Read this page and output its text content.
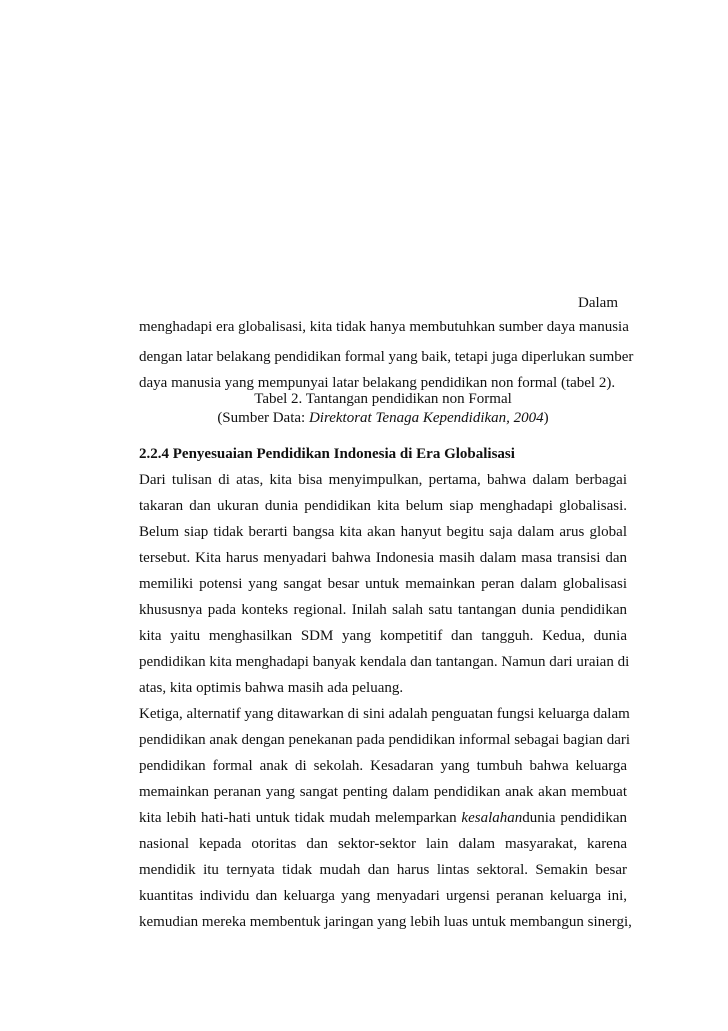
Dalam
menghadapi era globalisasi, kita tidak hanya membutuhkan sumber daya manusia
dengan latar belakang pendidikan formal yang baik, tetapi juga diperlukan sumber
daya manusia yang mempunyai latar belakang pendidikan non formal (tabel 2).
Tabel 2. Tantangan pendidikan non Formal
(Sumber Data: Direktorat Tenaga Kependidikan, 2004)
2.2.4 Penyesuaian Pendidikan Indonesia di Era Globalisasi
Dari tulisan di atas, kita bisa menyimpulkan, pertama, bahwa dalam berbagai
takaran dan ukuran dunia pendidikan kita belum siap menghadapi globalisasi.
Belum siap tidak berarti bangsa kita akan hanyut begitu saja dalam arus global
tersebut. Kita harus menyadari bahwa Indonesia masih dalam masa transisi dan
memiliki potensi yang sangat besar untuk memainkan peran dalam globalisasi
khususnya pada konteks regional. Inilah salah satu tantangan dunia pendidikan
kita yaitu menghasilkan SDM yang kompetitif dan tangguh. Kedua, dunia
pendidikan kita menghadapi banyak kendala dan tantangan. Namun dari uraian di
atas, kita optimis bahwa masih ada peluang.
Ketiga, alternatif yang ditawarkan di sini adalah penguatan fungsi keluarga dalam
pendidikan anak dengan penekanan pada pendidikan informal sebagai bagian dari
pendidikan formal anak di sekolah. Kesadaran yang tumbuh bahwa keluarga
memainkan peranan yang sangat penting dalam pendidikan anak akan membuat
kita lebih hati-hati untuk tidak mudah melemparkan kesalahandunia pendidikan
nasional kepada otoritas dan sektor-sektor lain dalam masyarakat, karena
mendidik itu ternyata tidak mudah dan harus lintas sektoral. Semakin besar
kuantitas individu dan keluarga yang menyadari urgensi peranan keluarga ini,
kemudian mereka membentuk jaringan yang lebih luas untuk membangun sinergi,
